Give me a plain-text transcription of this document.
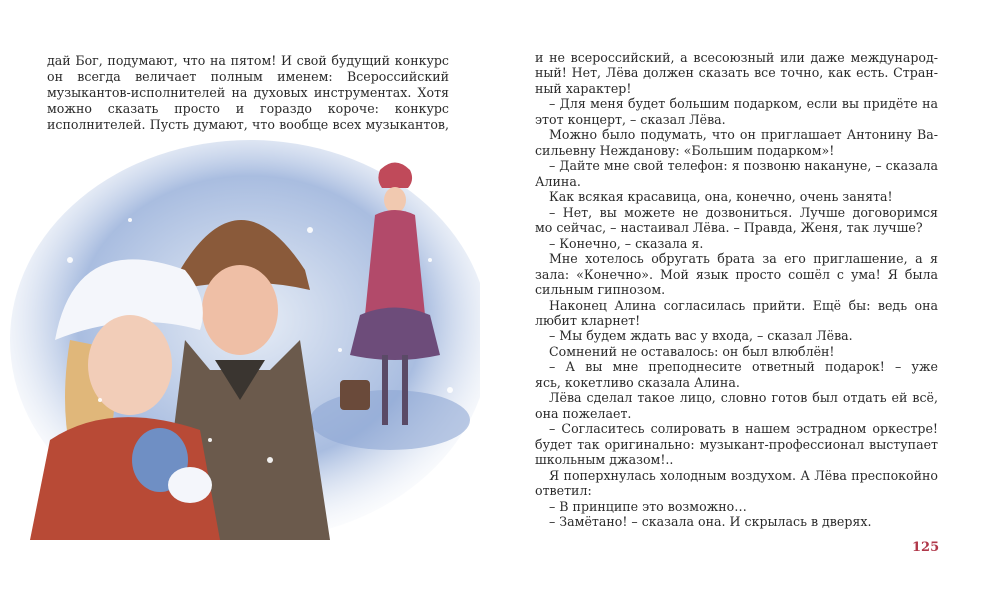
дай Бог, подумают, что на пятом! И свой будущий конкурс
он всегда величает полным именем: Всероссийский
музыкантов-исполнителей на духовых инструментах. Хотя
можно сказать просто и гораздо короче: конкурс
исполнителей. Пусть думают, что вообще всех музыкантов,
и не всероссийский, а всесоюзный или даже международ-
ный! Нет, Лёва должен сказать все точно, как есть. Стран-
ный характер!
– Для меня будет большим подарком, если вы придёте на
этот концерт, – сказал Лёва.
Можно было подумать, что он приглашает Антонину Ва-
сильевну Нежданову: «Большим подарком»!
– Дайте мне свой телефон: я позвоню накануне, – сказала
Алина.
Как всякая красавица, она, конечно, очень занята!
– Нет, вы можете не дозвониться. Лучше договоримся
мо сейчас, – настаивал Лёва. – Правда, Женя, так лучше?
– Конечно, – сказала я.
Мне хотелось обругать брата за его приглашение, а я
зала: «Конечно». Мой язык просто сошёл с ума! Я была
сильным гипнозом.
Наконец Алина согласилась прийти. Ещё бы: ведь она
любит кларнет!
– Мы будем ждать вас у входа, – сказал Лёва.
Сомнений не оставалось: он был влюблён!
– А вы мне преподнесите ответный подарок! – уже
ясь, кокетливо сказала Алина.
Лёва сделал такое лицо, словно готов был отдать ей всё,
она пожелает.
– Согласитесь солировать в нашем эстрадном оркестре!
будет так оригинально: музыкант-профессионал выступает
школьным джазом!..
Я поперхнулась холодным воздухом. А Лёва преспокойно
ответил:
– В принципе это возможно…
– Замётано! – сказала она. И скрылась в дверях.
125
